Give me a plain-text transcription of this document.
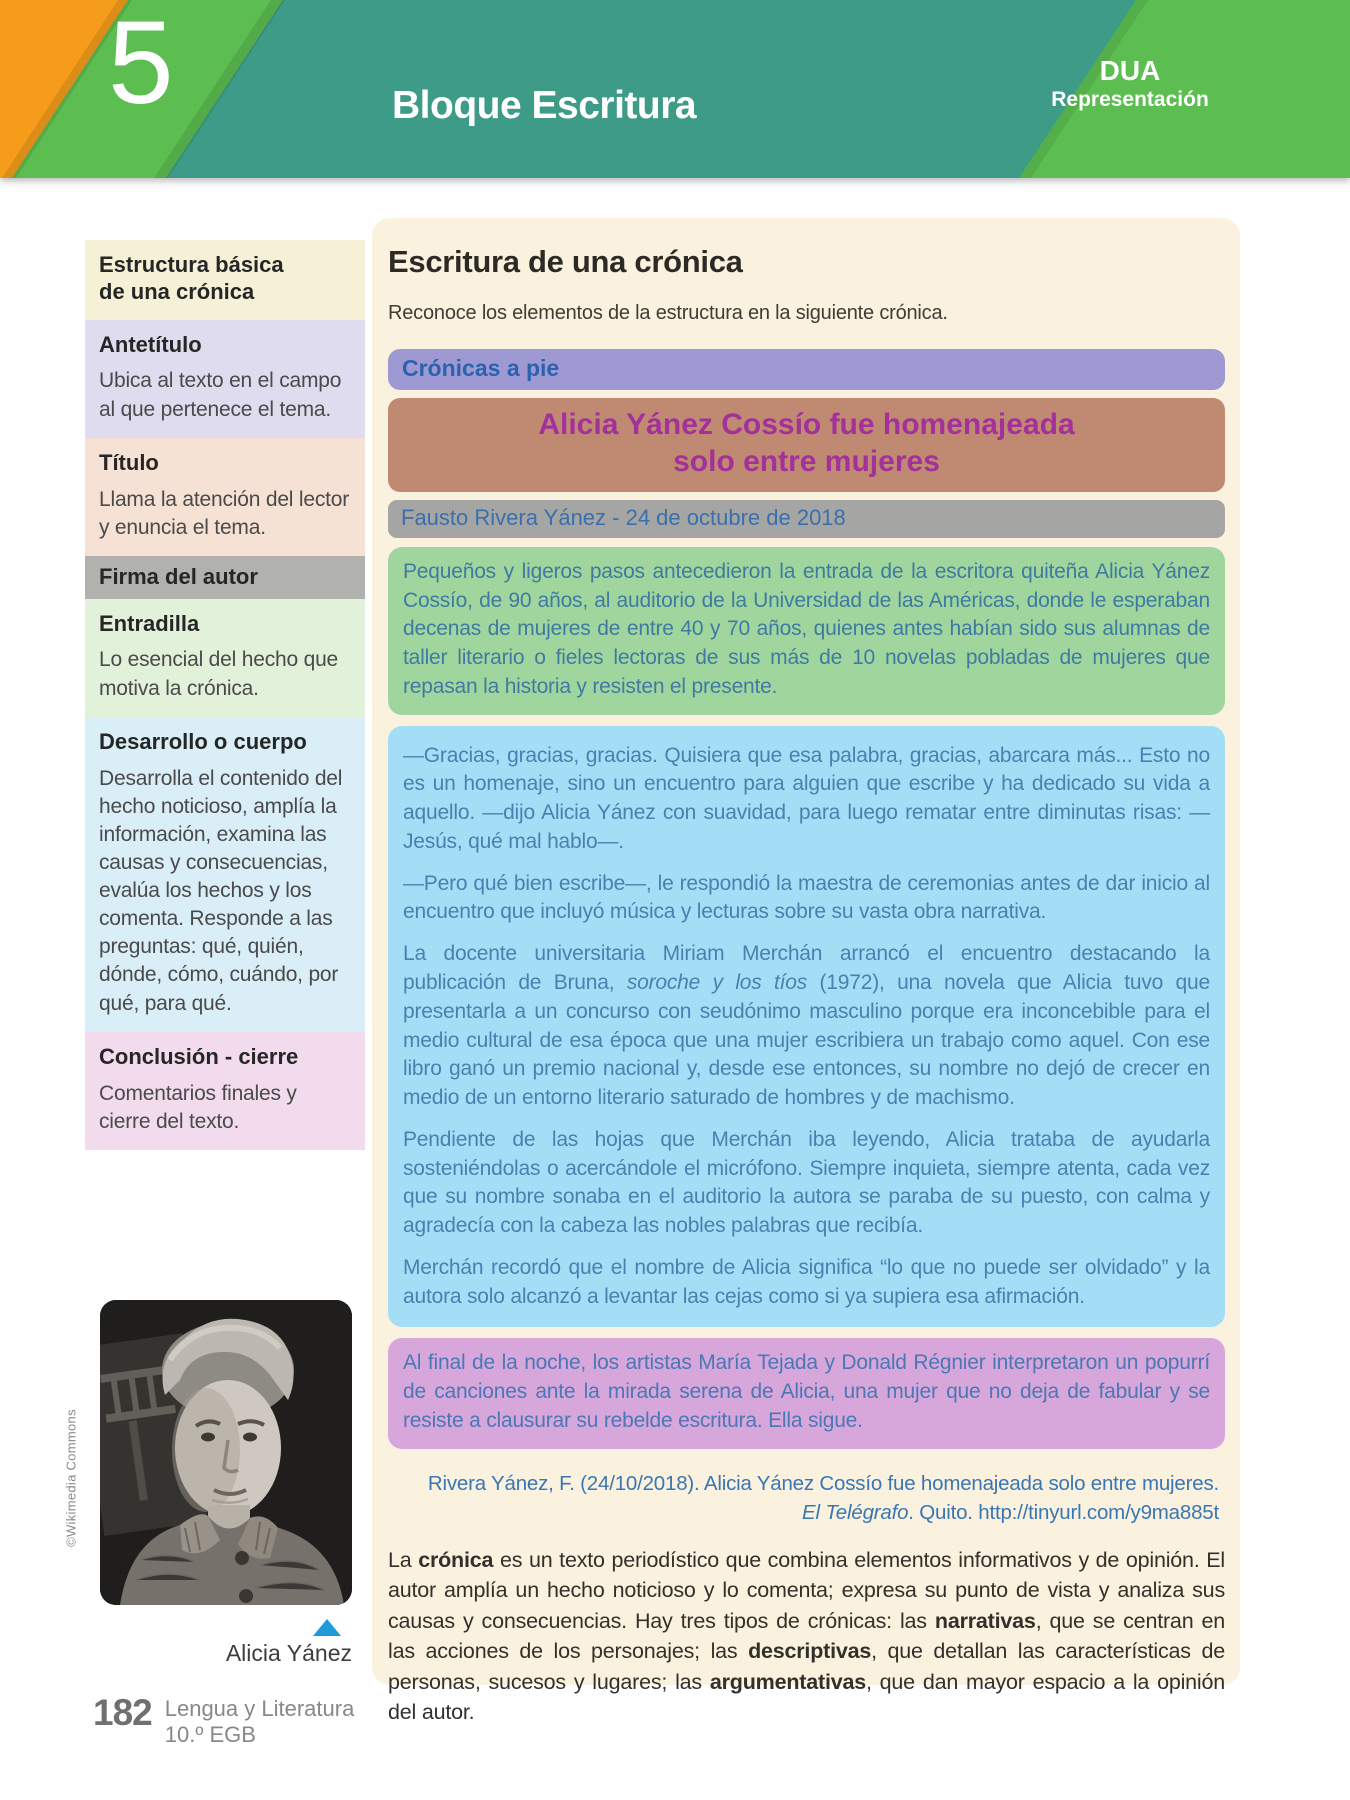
5	Bloque Escritura
DUA
Representación
Estructura básica
de una crónica
Antetítulo
Ubica al texto en el campo al que pertenece el tema.
Título
Llama la atención del lector y enuncia el tema.
Firma del autor
Entradilla
Lo esencial del hecho que motiva la crónica.
Desarrollo o cuerpo
Desarrolla el contenido del hecho noticioso, amplía la información, examina las causas y consecuencias, evalúa los hechos y los comenta. Responde a las preguntas: qué, quién, dónde, cómo, cuándo, por qué, para qué.
Conclusión - cierre
Comentarios finales y cierre del texto.
©Wikimedia Commons
Alicia Yánez
Escritura de una crónica
Reconoce los elementos de la estructura en la siguiente crónica.
Crónicas a pie
Alicia Yánez Cossío fue homenajeada
solo entre mujeres
Fausto Rivera Yánez - 24 de octubre de 2018
Pequeños y ligeros pasos antecedieron la entrada de la escritora quiteña Alicia Yánez Cossío, de 90 años, al auditorio de la Universidad de las Américas, donde le esperaban decenas de mujeres de entre 40 y 70 años, quienes antes habían sido sus alumnas de taller literario o fieles lectoras de sus más de 10 novelas pobladas de mujeres que repasan la historia y resisten el presente.

—Gracias, gracias, gracias. Quisiera que esa palabra, gracias, abarcara más... Esto no es un homenaje, sino un encuentro para alguien que escribe y ha dedicado su vida a aquello. —dijo Alicia Yánez con suavidad, para luego rematar entre diminutas risas: —Jesús, qué mal hablo—.

—Pero qué bien escribe—, le respondió la maestra de ceremonias antes de dar inicio al encuentro que incluyó música y lecturas sobre su vasta obra narrativa.

La docente universitaria Miriam Merchán arrancó el encuentro destacando la publicación de Bruna, soroche y los tíos (1972), una novela que Alicia tuvo que presentarla a un concurso con seudónimo masculino porque era inconcebible para el medio cultural de esa época que una mujer escribiera un trabajo como aquel. Con ese libro ganó un premio nacional y, desde ese entonces, su nombre no dejó de crecer en medio de un entorno literario saturado de hombres y de machismo.

Pendiente de las hojas que Merchán iba leyendo, Alicia trataba de ayudarla sosteniéndolas o acercándole el micrófono. Siempre inquieta, siempre atenta, cada vez que su nombre sonaba en el auditorio la autora se paraba de su puesto, con calma y agradecía con la cabeza las nobles palabras que recibía.

Merchán recordó que el nombre de Alicia significa “lo que no puede ser olvidado” y la autora solo alcanzó a levantar las cejas como si ya supiera esa afirmación.

Al final de la noche, los artistas María Tejada y Donald Régnier interpretaron un popurrí de canciones ante la mirada serena de Alicia, una mujer que no deja de fabular y se resiste a clausurar su rebelde escritura. Ella sigue.
Rivera Yánez, F. (24/10/2018). Alicia Yánez Cossío fue homenajeada solo entre mujeres.
El Telégrafo. Quito. http://tinyurl.com/y9ma885t
La crónica es un texto periodístico que combina elementos informativos y de opinión. El autor amplía un hecho noticioso y lo comenta; expresa su punto de vista y analiza sus causas y consecuencias. Hay tres tipos de crónicas: las narrativas, que se centran en las acciones de los personajes; las descriptivas, que detallan las características de personas, sucesos y lugares; las argumentativas, que dan mayor espacio a la opinión del autor.
182 Lengua y Literatura
10.º EGB
